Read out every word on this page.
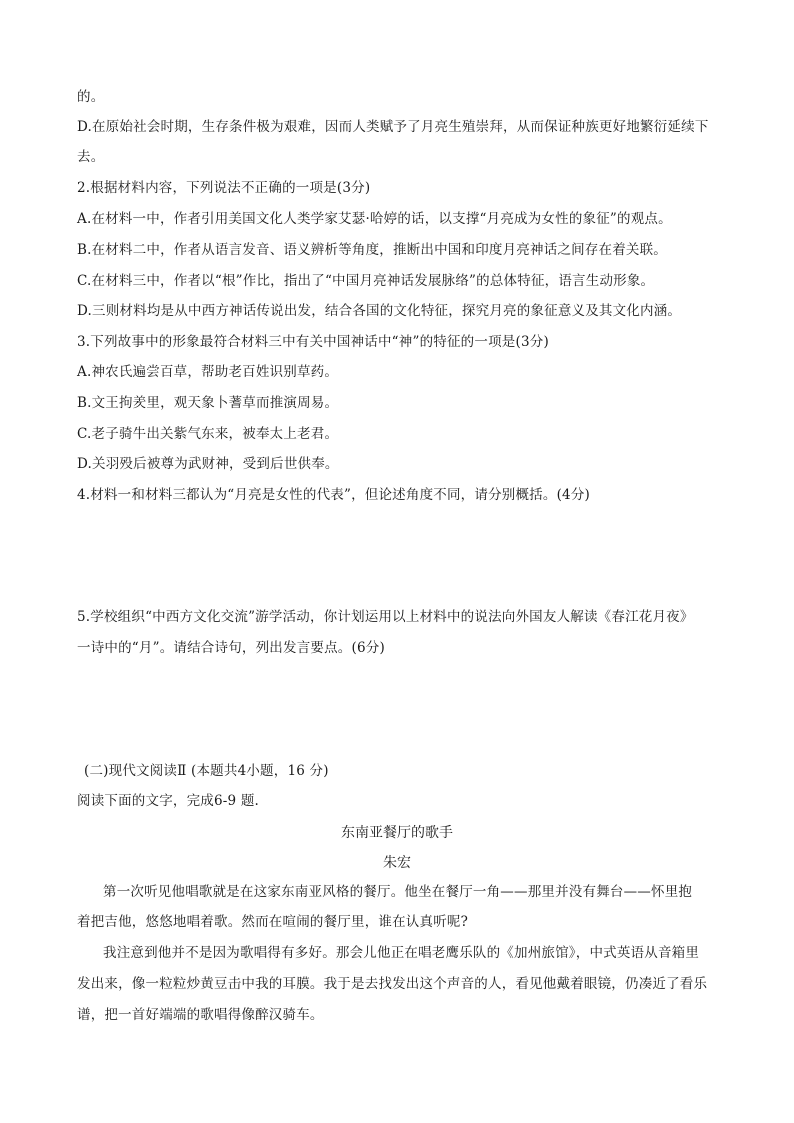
的。
D.在原始社会时期，生存条件极为艰难，因而人类赋予了月亮生殖崇拜，从而保证种族更好地繁衍延续下
去。
2.根据材料内容，下列说法不正确的一项是(3分)
A.在材料一中，作者引用美国文化人类学家艾瑟·哈婷的话，以支撑“月亮成为女性的象征”的观点。
B.在材料二中，作者从语言发音、语义辨析等角度，推断出中国和印度月亮神话之间存在着关联。
C.在材料三中，作者以“根”作比，指出了“中国月亮神话发展脉络”的总体特征，语言生动形象。
D.三则材料均是从中西方神话传说出发，结合各国的文化特征，探究月亮的象征意义及其文化内涵。
3.下列故事中的形象最符合材料三中有关中国神话中“神”的特征的一项是(3分)
A.神农氏遍尝百草，帮助老百姓识别草药。
B.文王拘羑里，观天象卜蓍草而推演周易。
C.老子骑牛出关紫气东来，被奉太上老君。
D.关羽殁后被尊为武财神，受到后世供奉。
4.材料一和材料三都认为“月亮是女性的代表”，但论述角度不同，请分别概括。(4分)
5.学校组织“中西方文化交流”游学活动，你计划运用以上材料中的说法向外国友人解读《春江花月夜》
一诗中的“月”。请结合诗句，列出发言要点。(6分)
(二)现代文阅读Ⅱ (本题共4小题，16 分)
阅读下面的文字，完成6-9 题.
东南亚餐厅的歌手
朱宏
第一次听见他唱歌就是在这家东南亚风格的餐厅。他坐在餐厅一角——那里并没有舞台——怀里抱
着把吉他，悠悠地唱着歌。然而在喧闹的餐厅里，谁在认真听呢?
我注意到他并不是因为歌唱得有多好。那会儿他正在唱老鹰乐队的《加州旅馆》，中式英语从音箱里
发出来，像一粒粒炒黄豆击中我的耳膜。我于是去找发出这个声音的人，看见他戴着眼镜，仍凑近了看乐
谱，把一首好端端的歌唱得像醉汉骑车。
